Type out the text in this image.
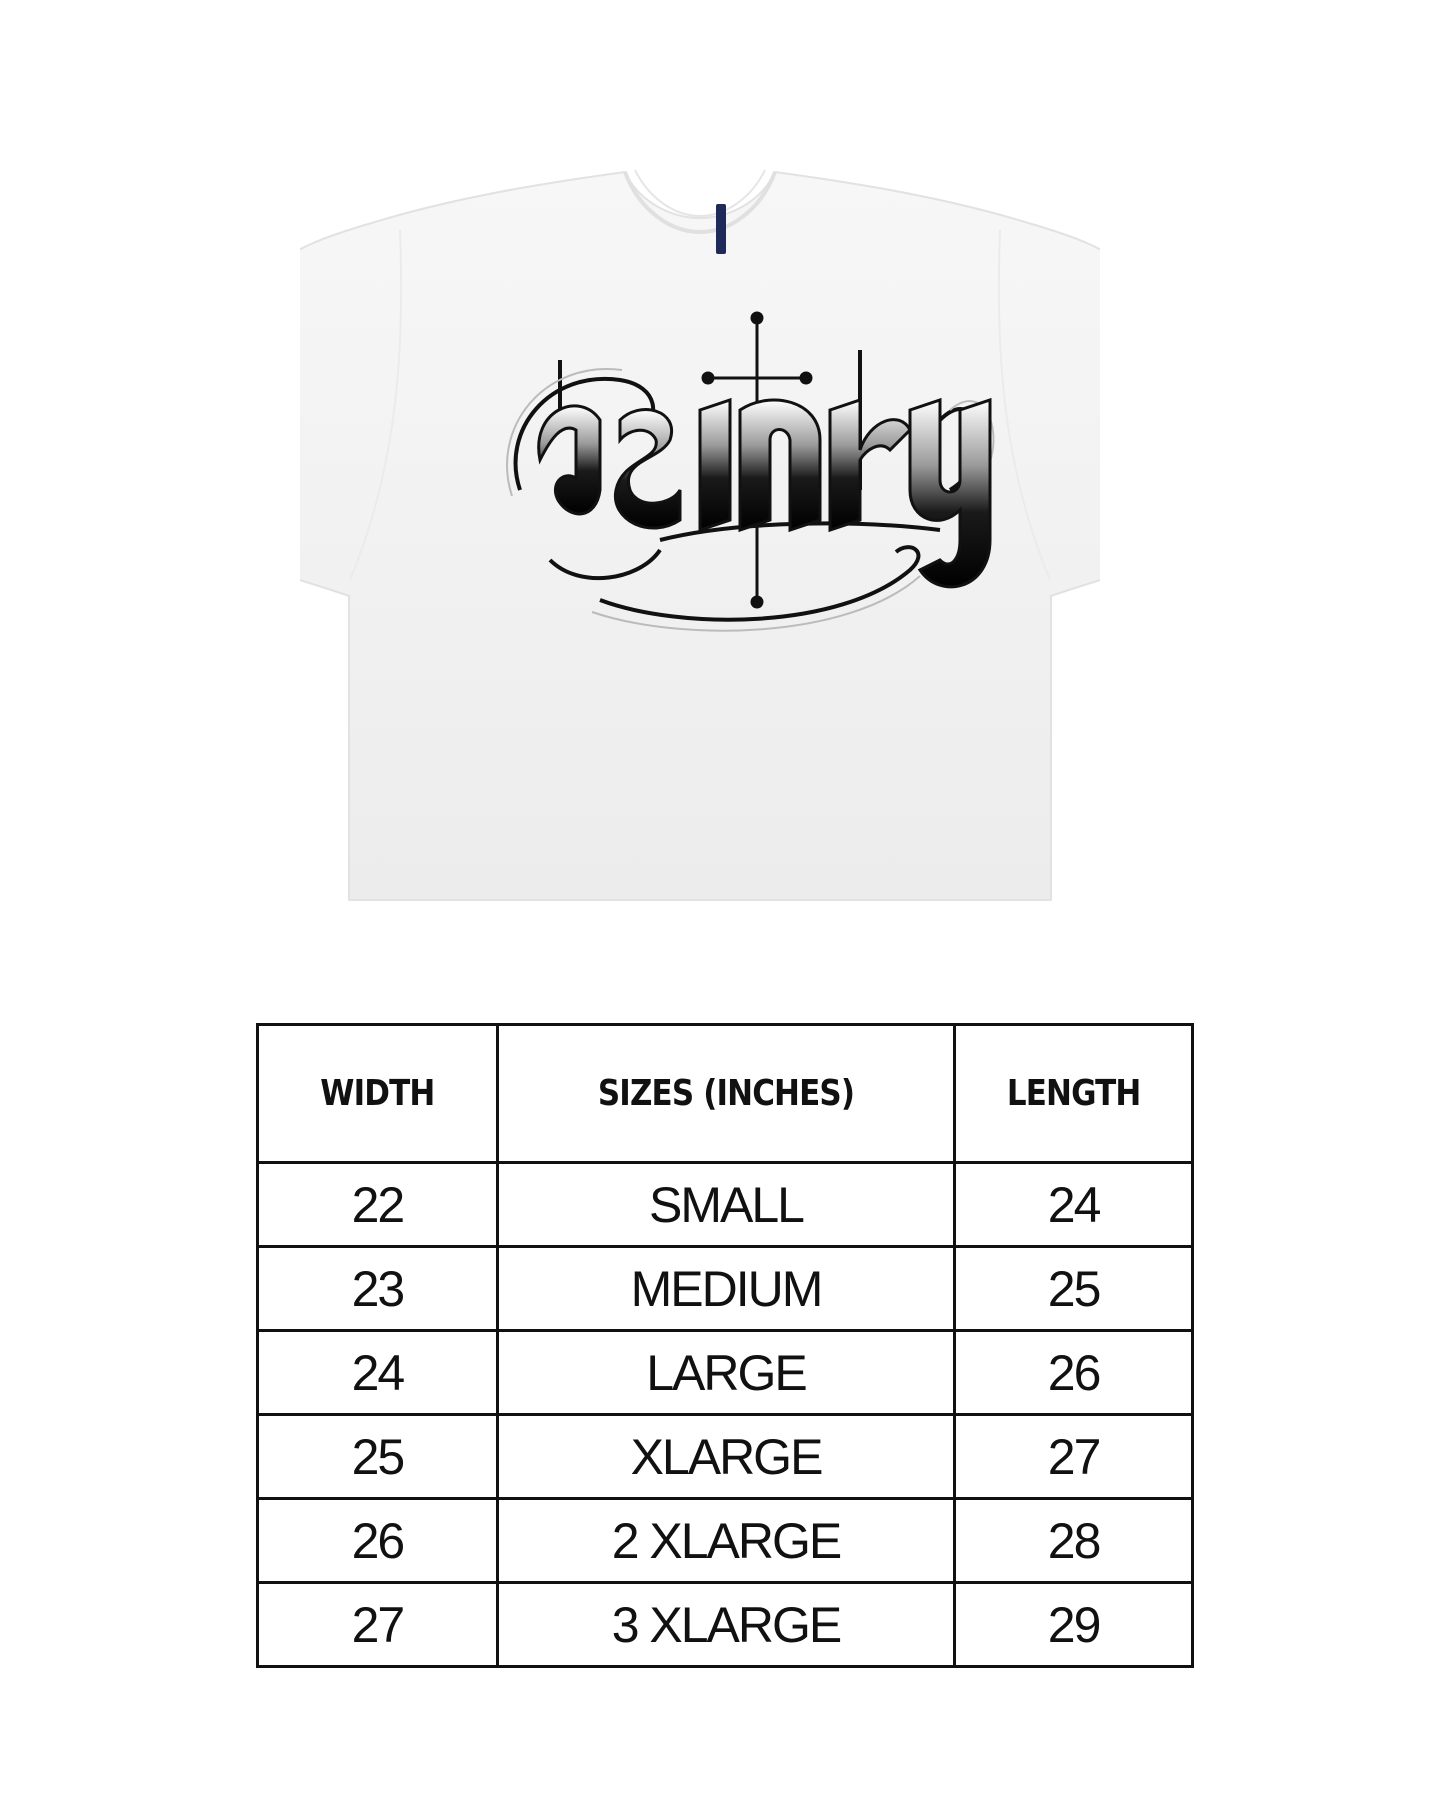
WIDTH	SIZES (INCHES)	LENGTH
22	SMALL	24
23	MEDIUM	25
24	LARGE	26
25	XLARGE	27
26	2 XLARGE	28
27	3 XLARGE	29
